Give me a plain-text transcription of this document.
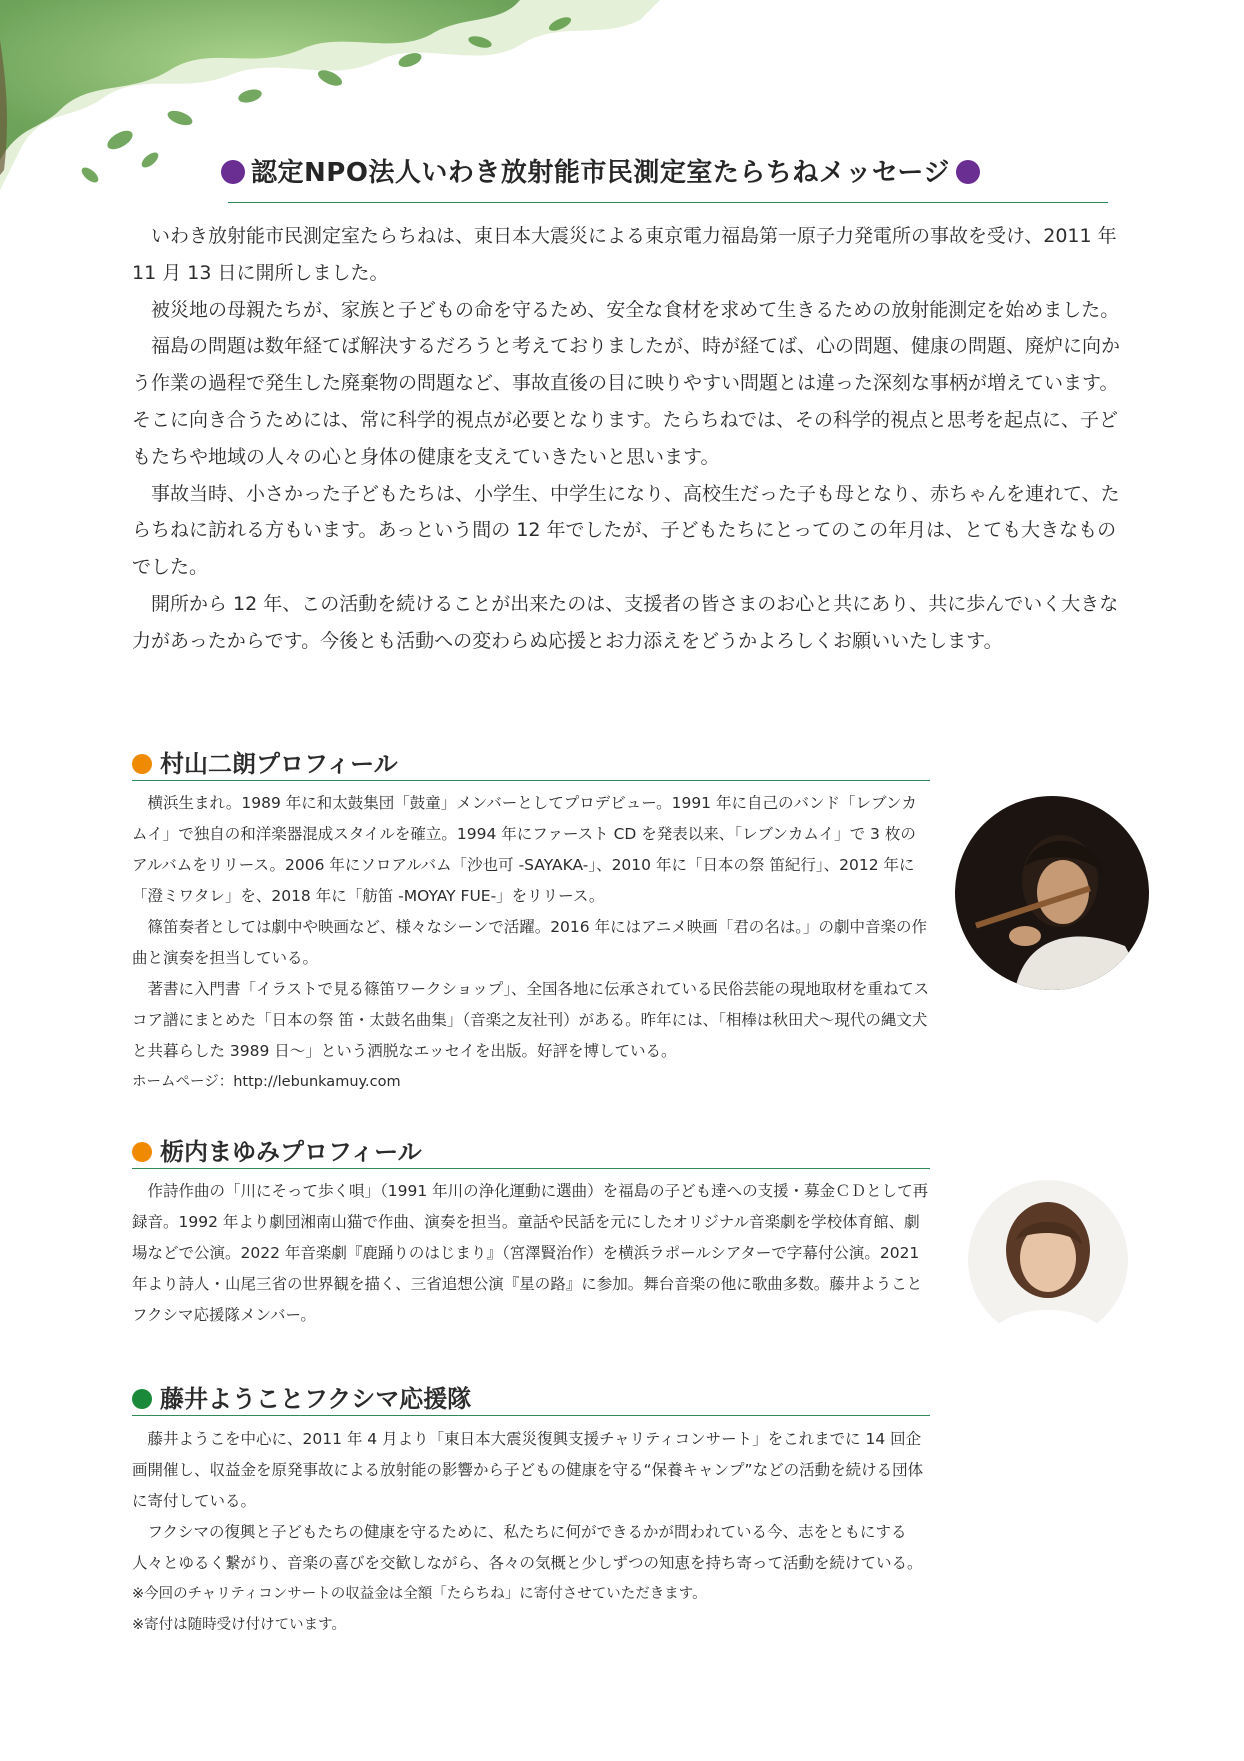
認定NPO法人いわき放射能市民測定室たらちねメッセージ

いわき放射能市民測定室たらちねは、東日本大震災による東京電力福島第一原子力発電所の事故を受け、2011 年 11 月 13 日に開所しました。

被災地の母親たちが、家族と子どもの命を守るため、安全な食材を求めて生きるための放射能測定を始めました。

福島の問題は数年経てば解決するだろうと考えておりましたが、時が経てば、心の問題、健康の問題、廃炉に向かう作業の過程で発生した廃棄物の問題など、事故直後の目に映りやすい問題とは違った深刻な事柄が増えています。そこに向き合うためには、常に科学的視点が必要となります。たらちねでは、その科学的視点と思考を起点に、子どもたちや地域の人々の心と身体の健康を支えていきたいと思います。

事故当時、小さかった子どもたちは、小学生、中学生になり、高校生だった子も母となり、赤ちゃんを連れて、たらちねに訪れる方もいます。あっという間の 12 年でしたが、子どもたちにとってのこの年月は、とても大きなものでした。

開所から 12 年、この活動を続けることが出来たのは、支援者の皆さまのお心と共にあり、共に歩んでいく大きな力があったからです。今後とも活動への変わらぬ応援とお力添えをどうかよろしくお願いいたします。

村山二朗プロフィール

横浜生まれ。1989 年に和太鼓集団「鼓童」メンバーとしてプロデビュー。1991 年に自己のバンド「レブンカムイ」で独自の和洋楽器混成スタイルを確立。1994 年にファースト CD を発表以来、「レブンカムイ」で 3 枚のアルバムをリリース。2006 年にソロアルバム「沙也可 -SAYAKA-」、2010 年に「日本の祭 笛紀行」、2012 年に「澄ミワタレ」を、2018 年に「舫笛 -MOYAY FUE-」をリリース。

篠笛奏者としては劇中や映画など、様々なシーンで活躍。2016 年にはアニメ映画「君の名は。」の劇中音楽の作曲と演奏を担当している。

著書に入門書「イラストで見る篠笛ワークショップ」、全国各地に伝承されている民俗芸能の現地取材を重ねてスコア譜にまとめた「日本の祭 笛・太鼓名曲集」（音楽之友社刊）がある。昨年には、「相棒は秋田犬～現代の縄文犬と共暮らした 3989 日～」という洒脱なエッセイを出版。好評を博している。

ホームページ：http://lebunkamuy.com

栃内まゆみプロフィール

作詩作曲の「川にそって歩く唄」（1991 年川の浄化運動に選曲）を福島の子ども達への支援・募金ＣＤとして再録音。1992 年より劇団湘南山猫で作曲、演奏を担当。童話や民話を元にしたオリジナル音楽劇を学校体育館、劇場などで公演。2022 年音楽劇『鹿踊りのはじまり』（宮澤賢治作）を横浜ラポールシアターで字幕付公演。2021 年より詩人・山尾三省の世界観を描く、三省追想公演『星の路』に参加。舞台音楽の他に歌曲多数。藤井ようことフクシマ応援隊メンバー。

藤井ようことフクシマ応援隊

藤井ようこを中心に、2011 年 4 月より「東日本大震災復興支援チャリティコンサート」をこれまでに 14 回企画開催し、収益金を原発事故による放射能の影響から子どもの健康を守る“保養キャンプ”などの活動を続ける団体に寄付している。

フクシマの復興と子どもたちの健康を守るために、私たちに何ができるかが問われている今、志をともにする人々とゆるく繋がり、音楽の喜びを交歓しながら、各々の気概と少しずつの知恵を持ち寄って活動を続けている。

※今回のチャリティコンサートの収益金は全額「たらちね」に寄付させていただきます。

※寄付は随時受け付けています。
